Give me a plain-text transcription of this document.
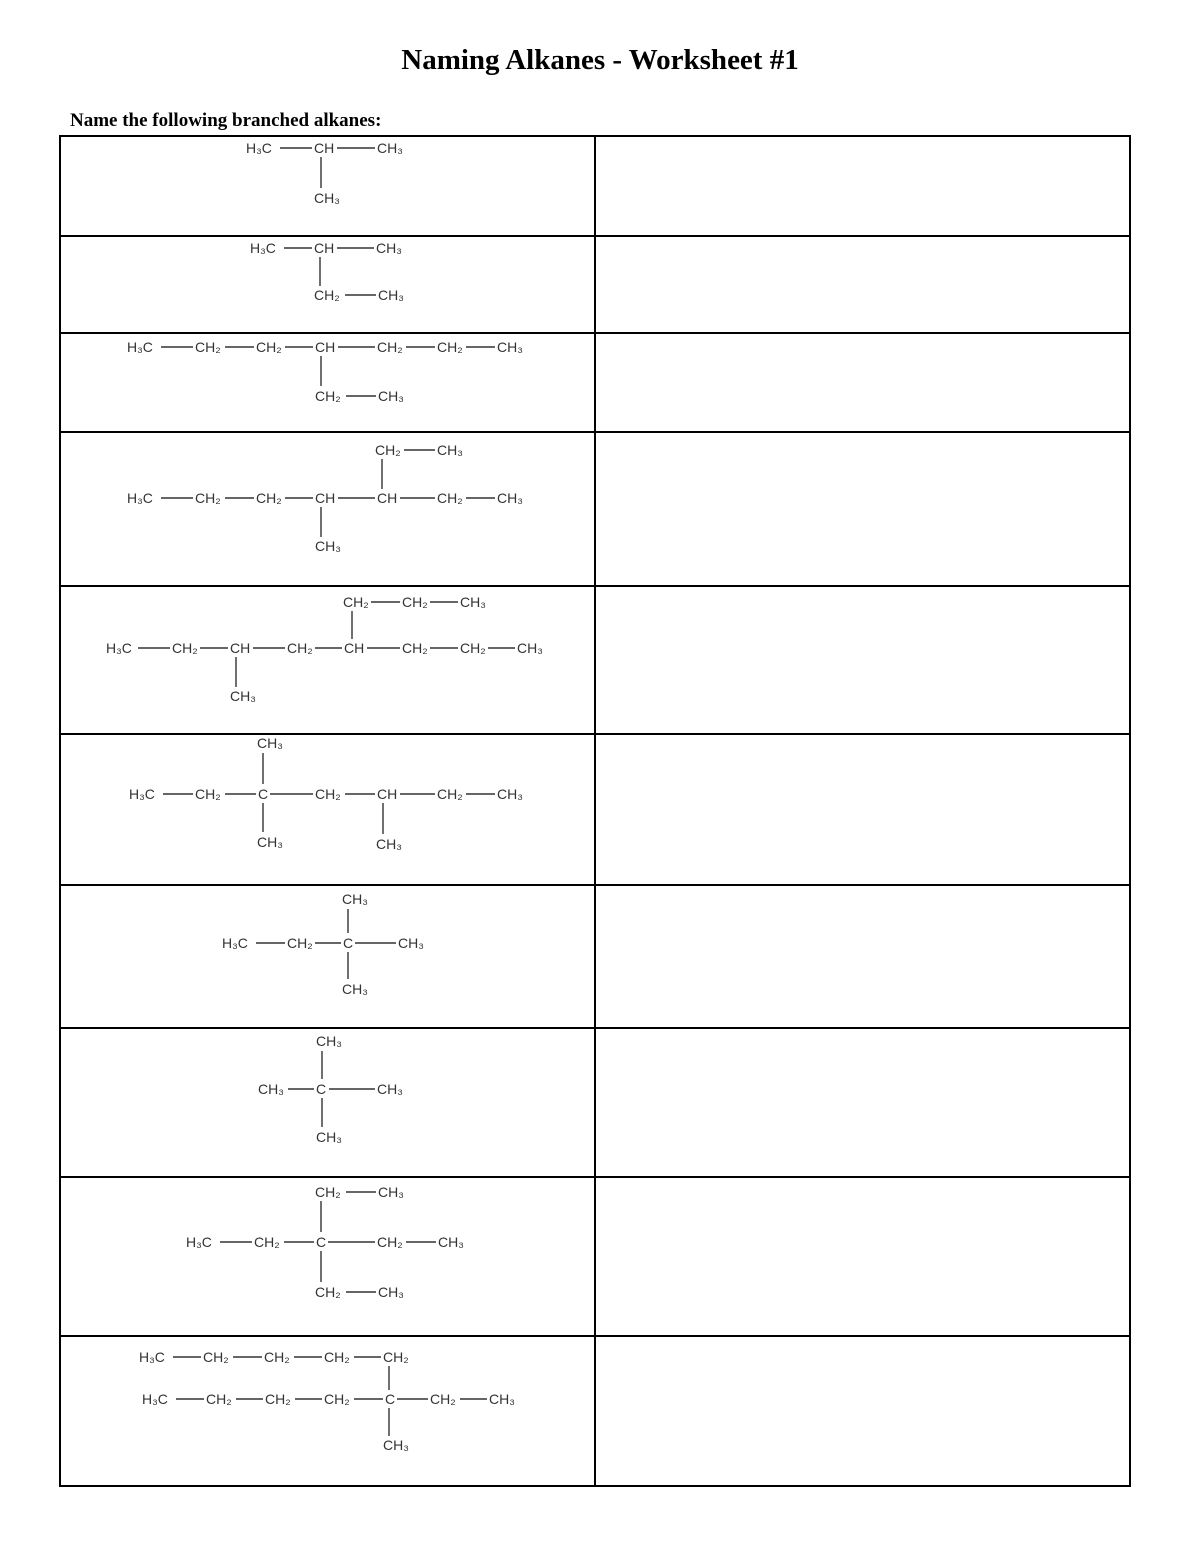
Naming Alkanes - Worksheet #1
Name the following branched alkanes:
H₃C	CH	CH₃
CH₃
H₃C	CH	CH₃
CH₂	CH₃
H₃C	CH₂	CH₂ CH	CH₂ CH₂ CH₃
CH₂	CH₃
CH₂	CH₃
H₃C	CH₂	CH₂ CH	CH	CH₂ CH₃
CH₃
CH₂ CH₂ CH₃
H₃C	CH₂ CH	CH₂ CH	CH₂ CH₂ CH₃
CH₃
CH₃
H₃C	CH₂	C	CH₂	CH	CH₂ CH₃
CH₃	CH₃
CH₃
H₃C	CH₂ C	CH₃
CH₃
CH₃
CH₃ C	CH₃
CH₃
CH₂	CH₃
H₃C	CH₂	C	CH₂	CH₃
CH₂	CH₃
H₃C	CH₂	CH₂ CH₂ CH₂
H₃C	CH₂ CH₂ CH₂	C CH₂ CH₃
CH₃
